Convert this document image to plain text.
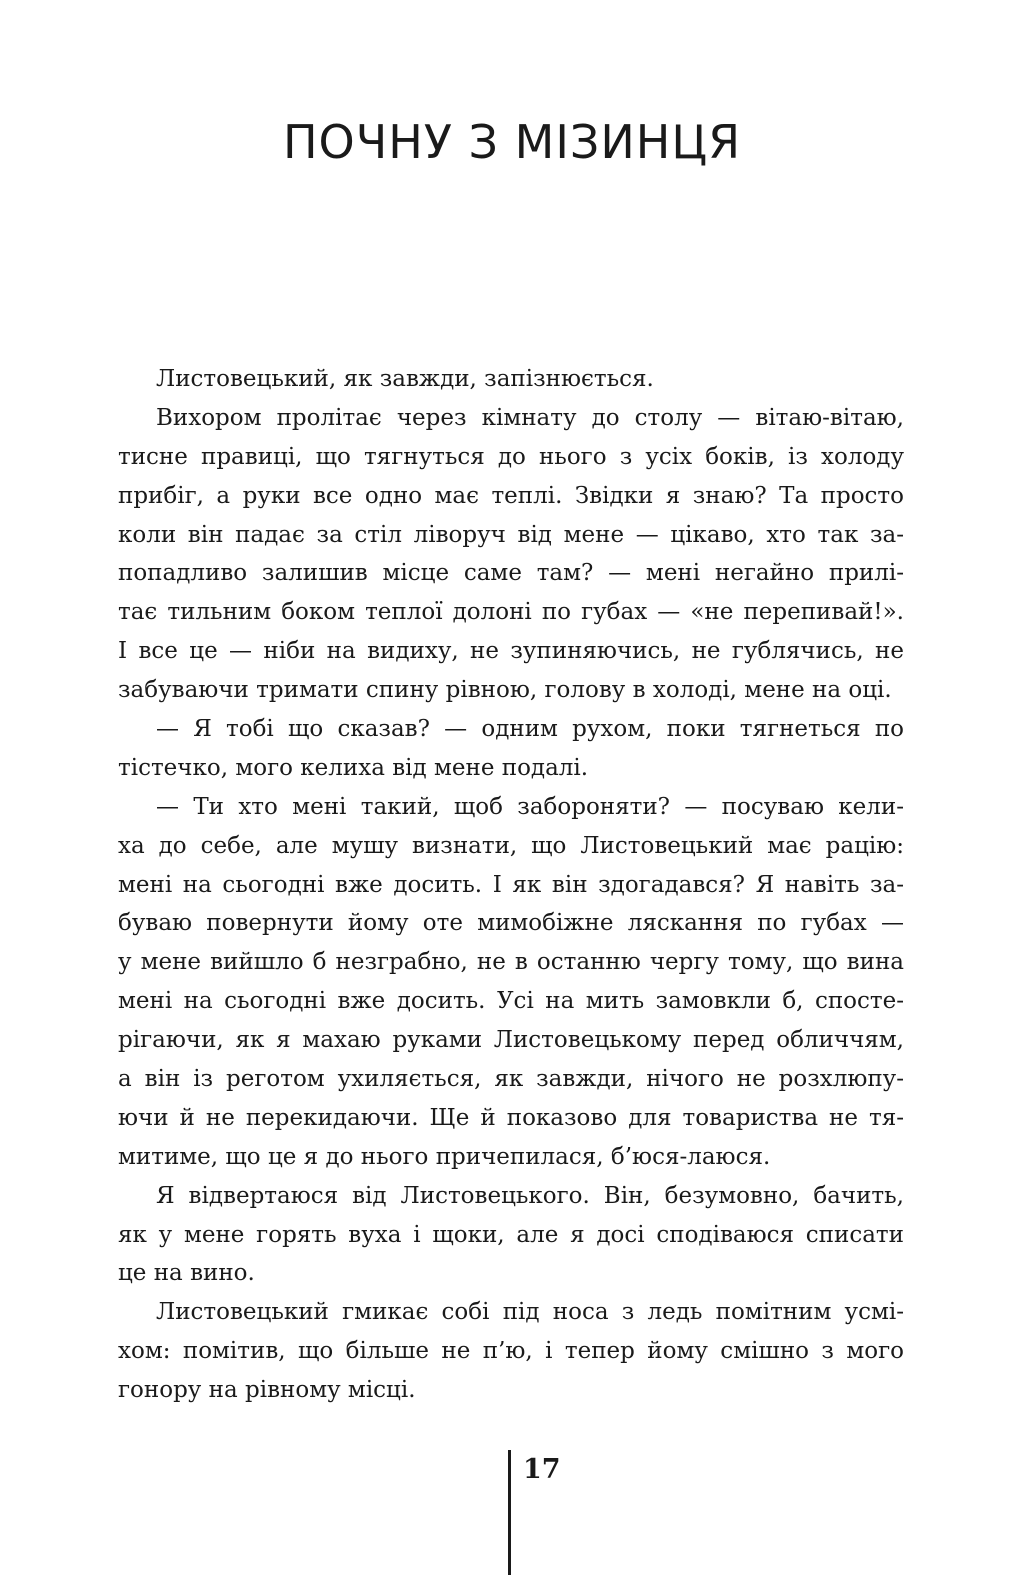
ПОЧНУ З МІЗИНЦЯ
Листовецький, як завжди, запізнюється.
Вихором пролітає через кімнату до столу — вітаю-вітаю,
тисне правиці, що тягнуться до нього з усіх боків, із холоду
прибіг, а руки все одно має теплі. Звідки я знаю? Та просто
коли він падає за стіл ліворуч від мене — цікаво, хто так за-
попадливо залишив місце саме там? — мені негайно прилі-
тає тильним боком теплої долоні по губах — «не перепивай!».
І все це — ніби на видиху, не зупиняючись, не гублячись, не
забуваючи тримати спину рівною, голову в холоді, мене на оці.
— Я тобі що сказав? — одним рухом, поки тягнеться по
тістечко, мого келиха від мене подалі.
— Ти хто мені такий, щоб забороняти? — посуваю кели-
ха до себе, але мушу визнати, що Листовецький має рацію:
мені на сьогодні вже досить. І як він здогадався? Я навіть за-
буваю повернути йому оте мимобіжне ляскання по губах —
у мене вийшло б незграбно, не в останню чергу тому, що вина
мені на сьогодні вже досить. Усі на мить замовкли б, спосте-
рігаючи, як я махаю руками Листовецькому перед обличчям,
а він із реготом ухиляється, як завжди, нічого не розхлюпу-
ючи й не перекидаючи. Ще й показово для товариства не тя-
митиме, що це я до нього причепилася, б’юся-лаюся.
Я відвертаюся від Листовецького. Він, безумовно, бачить,
як у мене горять вуха і щоки, але я досі сподіваюся списати
це на вино.
Листовецький гмикає собі під носа з ледь помітним усмі-
хом: помітив, що більше не п’ю, і тепер йому смішно з мого
гонору на рівному місці.
17
